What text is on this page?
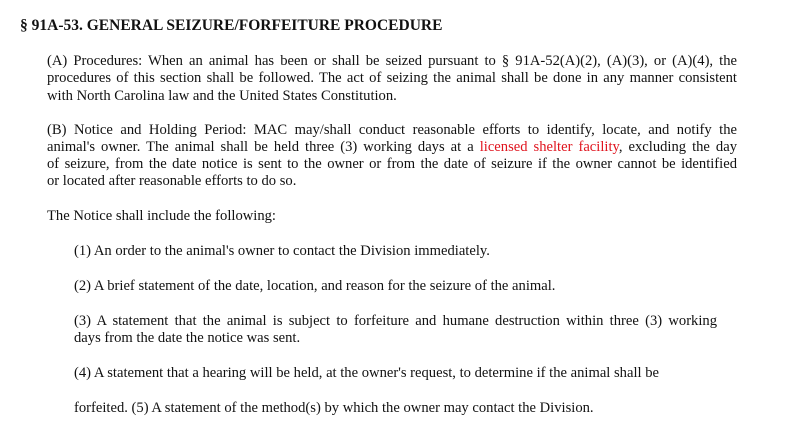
§ 91A-53. GENERAL SEIZURE/FORFEITURE PROCEDURE
(A) Procedures: When an animal has been or shall be seized pursuant to § 91A-52(A)(2), (A)(3), or (A)(4), the
procedures of this section shall be followed. The act of seizing the animal shall be done in any manner consistent
with North Carolina law and the United States Constitution.
(B) Notice and Holding Period: MAC may/shall conduct reasonable efforts to identify, locate, and notify the
animal's owner. The animal shall be held three (3) working days at a licensed shelter facility, excluding the day
of seizure, from the date notice is sent to the owner or from the date of seizure if the owner cannot be identified
or located after reasonable efforts to do so.
The Notice shall include the following:
(1) An order to the animal's owner to contact the Division immediately.
(2) A brief statement of the date, location, and reason for the seizure of the animal.
(3) A statement that the animal is subject to forfeiture and humane destruction within three (3) working
days from the date the notice was sent.
(4) A statement that a hearing will be held, at the owner's request, to determine if the animal shall be
forfeited. (5) A statement of the method(s) by which the owner may contact the Division.
